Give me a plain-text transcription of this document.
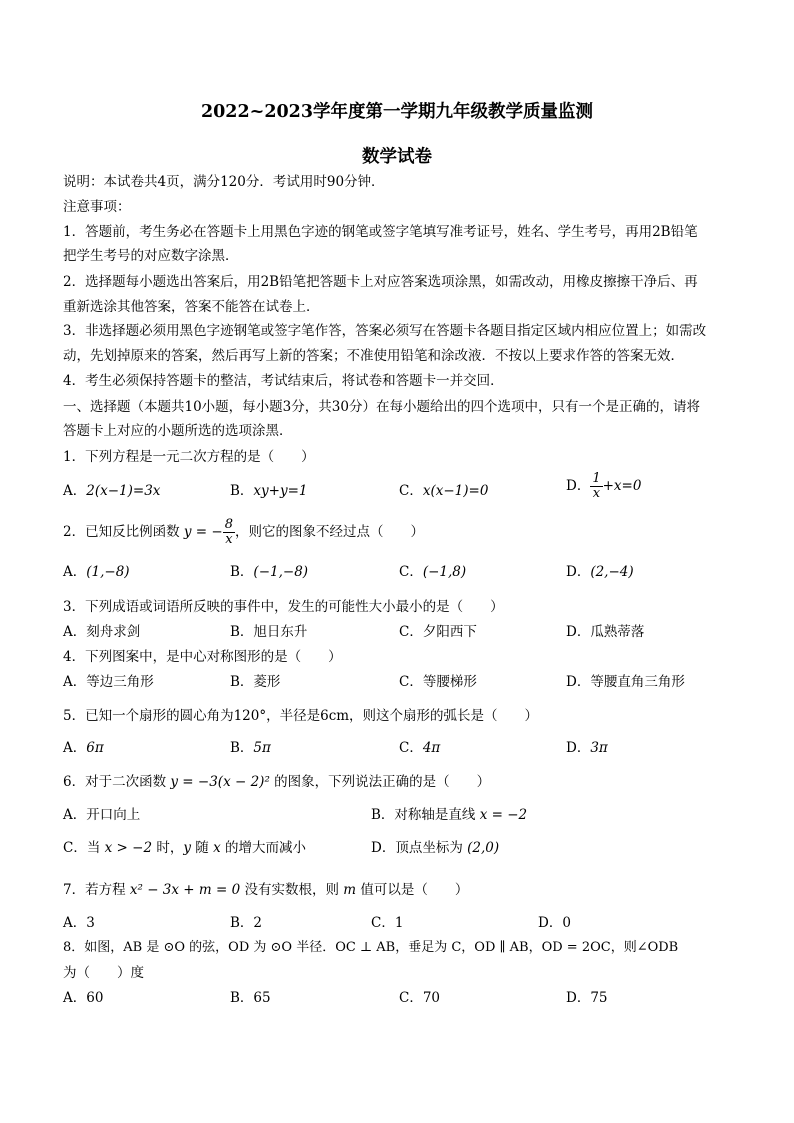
2022~2023学年度第一学期九年级教学质量监测
数学试卷
说明：本试卷共4页，满分120分．考试用时90分钟．
注意事项：
1．答题前，考生务必在答题卡上用黑色字迹的钢笔或签字笔填写准考证号，姓名、学生考号，再用2B铅笔
把学生考号的对应数字涂黑．
2．选择题每小题选出答案后，用2B铅笔把答题卡上对应答案选项涂黑，如需改动，用橡皮擦擦干净后、再
重新选涂其他答案，答案不能答在试卷上．
3．非选择题必须用黑色字迹钢笔或签字笔作答，答案必须写在答题卡各题目指定区域内相应位置上；如需改
动，先划掉原来的答案，然后再写上新的答案；不准使用铅笔和涂改液．不按以上要求作答的答案无效．
4．考生必须保持答题卡的整洁，考试结束后，将试卷和答题卡一并交回．
一、选择题（本题共10小题，每小题3分，共30分）在每小题给出的四个选项中，只有一个是正确的，请将
答题卡上对应的小题所选的选项涂黑．
1．下列方程是一元二次方程的是（　　）
A．2(x−1)=3x	B．xy+y=1	C．x(x−1)=0	D． $\frac{1}{x} +x=0$
2．已知反比例函数 y = − $\frac{8}{x}$ ，则它的图象不经过点（　　）
A．(1,−8)	B．(−1,−8)	C．(−1,8)	D．(2,−4)
3．下列成语或词语所反映的事件中，发生的可能性大小最小的是（　　）
A．刻舟求剑	B．旭日东升	C．夕阳西下	D．瓜熟蒂落
4．下列图案中，是中心对称图形的是（　　）
A．等边三角形	B．菱形	C．等腰梯形	D．等腰直角三角形
5．已知一个扇形的圆心角为120°，半径是6cm，则这个扇形的弧长是（　　）
A．6π	B．5π	C．4π	D．3π
6．对于二次函数 y = −3(x − 2)² 的图象，下列说法正确的是（　　）
A．开口向上	B．对称轴是直线 x = −2
C．当 x > −2 时，y 随 x 的增大而减小	D．顶点坐标为 (2,0)
7．若方程 x² − 3x + m = 0 没有实数根，则 m 值可以是（　　）
A．3	B．2	C．1	D．0
8．如图，AB 是 ⊙O 的弦，OD 为 ⊙O 半径．OC ⊥ AB，垂足为 C，OD ∥ AB，OD = 2OC，则∠ODB
为（　　）度
A．60	B．65	C．70	D．75
